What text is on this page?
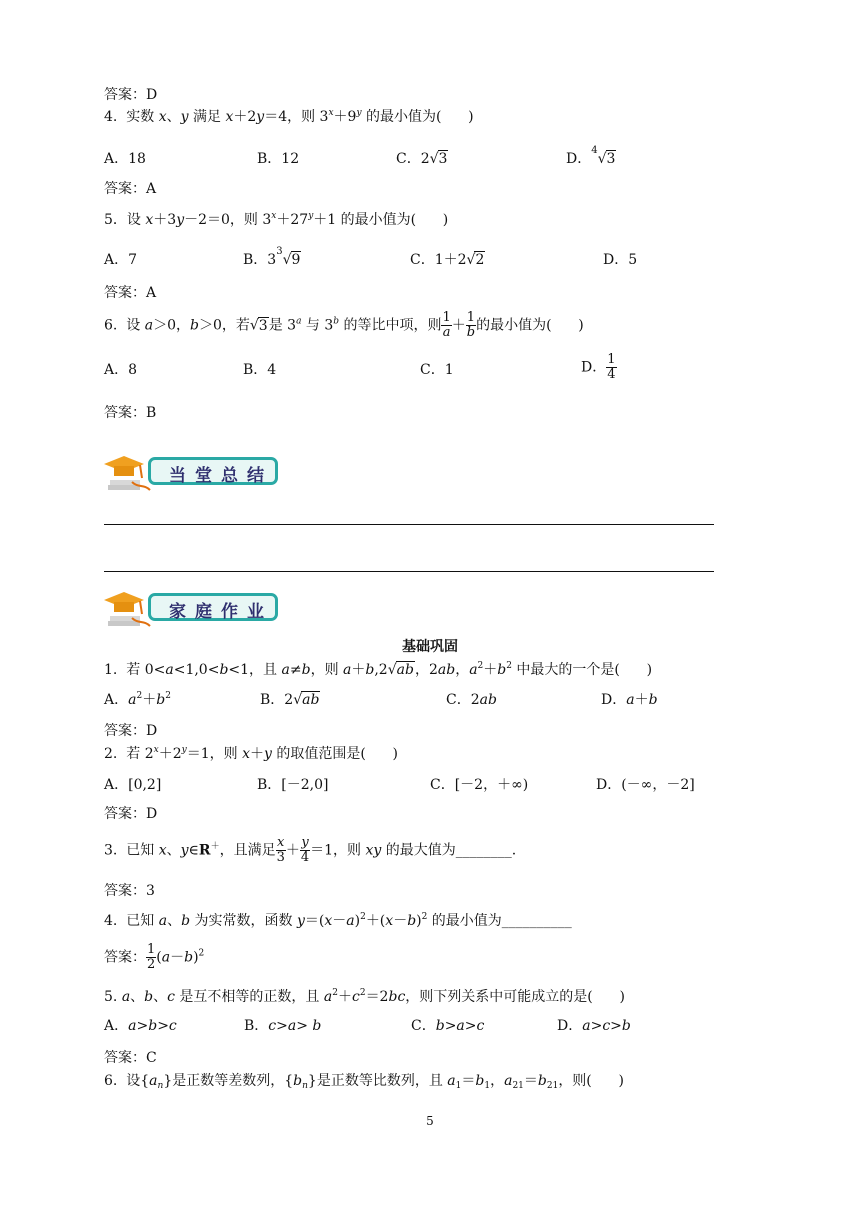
答案：D
4.  实数 x、y 满足 x＋2y＝4，则 $3^x+9^y$ 的最小值为(      )
A．18	B．12	C．2√3	D．$^4$√3
答案：A
5．设 x＋3y－2＝0，则 $3^x+27^y+1$ 的最小值为(      )
A．7	B．$3^3√9$	C．1＋2√2	D．5
答案：A
6.  设 a＞0，b＞0，若√3是 3$^a$ 与 3$^b$ 的等比中项，则 $\frac{1}{a} + \frac{1}{b}$ 的最小值为(      )
A．8	B．4	C．1	D． $\frac{1}{4}$
答案：B
当堂总结
家庭作业
基础巩固
1.  若 0<a<1,0<b<1，且 a≠b，则 a＋b,2√ab，2ab，$a^2+b^2$ 中最大的一个是(      )
A．$a^2+b^2$	B．2√ab	C．2ab	D．a＋b
答案：D
2.  若 $2^x+2^y=1$，则 x＋y 的取值范围是(      )
A．[0,2]	B．[－2,0]	C．[－2，＋∞)	D．(－∞，－2]
答案：D
3.  已知 x、y∈R＋，且满足 $\frac{x}{3} + \frac{y}{4} =1$，则 xy 的最大值为________.
答案：3
4.  已知 a、b 为实常数，函数 $y=(x-a)^2+(x-b)^2$ 的最小值为__________
答案： $\frac{1}{2} (a-b)^2$
5. a、b、c 是互不相等的正数，且 $a^2+c^2=2bc$，则下列关系中可能成立的是(      )
A．a>b>c	B．c>a> b	C．b>a>c	D．a>c>b
答案：C
6.  设$\{a_n\}$是正数等差数列，$\{b_n\}$是正数等比数列，且 $a_1=b_1$，$a_{21}=b_{21}$，则(      )
5
